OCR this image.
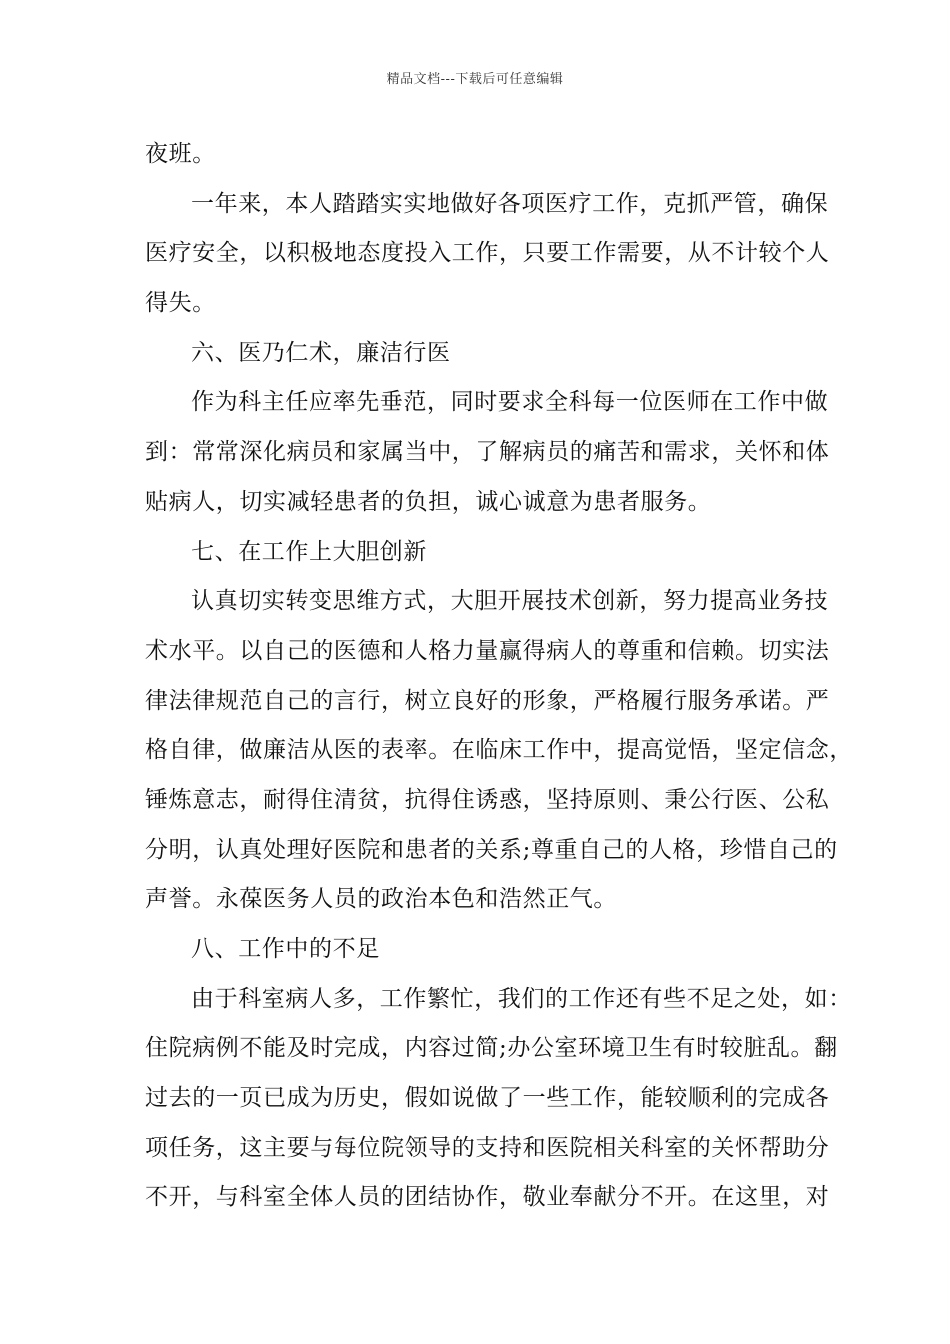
精品文档---下载后可任意编辑
夜班。
一年来，本人踏踏实实地做好各项医疗工作，克抓严管，确保
医疗安全，以积极地态度投入工作，只要工作需要，从不计较个人
得失。
六、医乃仁术，廉洁行医
作为科主任应率先垂范，同时要求全科每一位医师在工作中做
到：常常深化病员和家属当中，了解病员的痛苦和需求，关怀和体
贴病人，切实减轻患者的负担，诚心诚意为患者服务。
七、在工作上大胆创新
认真切实转变思维方式，大胆开展技术创新，努力提高业务技
术水平。以自己的医德和人格力量赢得病人的尊重和信赖。切实法
律法律规范自己的言行，树立良好的形象，严格履行服务承诺。严
格自律，做廉洁从医的表率。在临床工作中，提高觉悟，坚定信念，
锤炼意志，耐得住清贫，抗得住诱惑，坚持原则、秉公行医、公私
分明，认真处理好医院和患者的关系;尊重自己的人格，珍惜自己的
声誉。永葆医务人员的政治本色和浩然正气。
八、工作中的不足
由于科室病人多，工作繁忙，我们的工作还有些不足之处，如：
住院病例不能及时完成，内容过简;办公室环境卫生有时较脏乱。翻
过去的一页已成为历史，假如说做了一些工作，能较顺利的完成各
项任务，这主要与每位院领导的支持和医院相关科室的关怀帮助分
不开，与科室全体人员的团结协作，敬业奉献分不开。在这里，对
